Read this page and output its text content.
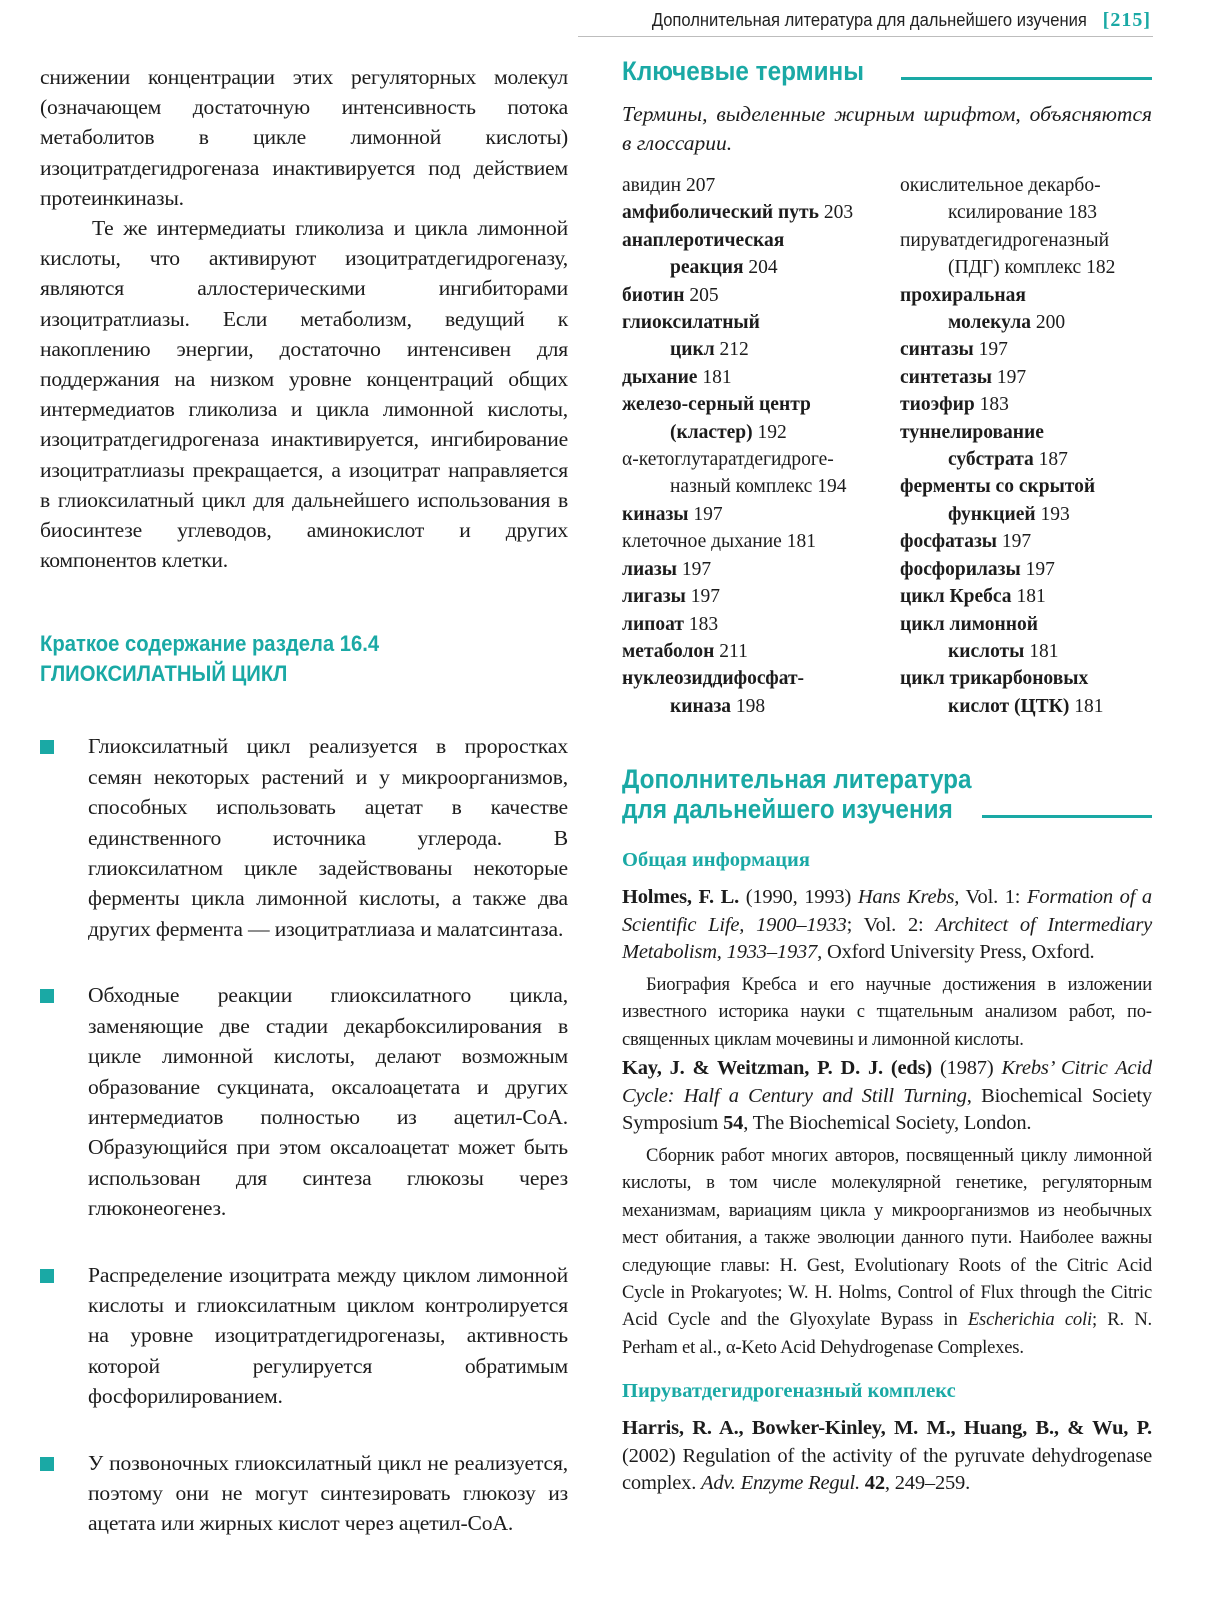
Дополнительная литература для дальнейшего изучения [215]

снижении концентрации этих регуляторных молекул (означающем достаточную интенсивность потока метаболитов в цикле лимонной кислоты) изоцитратдегидрогеназа инактивируется под действием протеинкиназы.

Те же интермедиаты гликолиза и цикла лимонной кислоты, что активируют изоцитратдегидрогеназу, являются аллостерическими ингибиторами изоцитратлиазы. Если метаболизм, ведущий к накоплению энергии, достаточно интенсивен для поддержания на низком уровне концентраций общих интермедиатов гликолиза и цикла лимонной кислоты, изоцитратдегидрогеназа инактивируется, ингибирование изоцитратлиазы прекращается, а изоцитрат направляется в глиоксилатный цикл для дальнейшего использования в биосинтезе углеводов, аминокислот и других компонентов клетки.

Краткое содержание раздела 16.4
ГЛИОКСИЛАТНЫЙ ЦИКЛ
Глиоксилатный цикл реализуется в проростках семян некоторых растений и у микроорганизмов, способных использовать ацетат в качестве единственного источника углерода. В глиоксилатном цикле задействованы некоторые ферменты цикла лимонной кислоты, а также два других фермента — изоцитратлиаза и малатсинтаза.
Обходные реакции глиоксилатного цикла, заменяющие две стадии декарбоксилирования в цикле лимонной кислоты, делают возможным образование сукцината, оксалоацетата и других интермедиатов полностью из ацетил-СоА. Образующийся при этом оксалоацетат может быть использован для синтеза глюкозы через глюконеогенез.
Распределение изоцитрата между циклом лимонной кислоты и глиоксилатным циклом контролируется на уровне изоцитратдегидрогеназы, активность которой регулируется обратимым фосфорилированием.
У позвоночных глиоксилатный цикл не реализуется, поэтому они не могут синтезировать глюкозу из ацетата или жирных кислот через ацетил-СоА.
Ключевые термины

Термины, выделенные жирным шрифтом, объясняются в глоссарии.

авидин 207
амфиболический путь 203
анаплеротическая
реакция 204
биотин 205
глиоксилатный
цикл 212
дыхание 181
железо-серный центр
(кластер) 192
α-кетоглутаратдегидроге-
назный комплекс 194
киназы 197
клеточное дыхание 181
лиазы 197
лигазы 197
липоат 183
метаболон 211
нуклеозиддифосфат-
киназа 198
окислительное декарбо-
ксилирование 183
пируватдегидрогеназный
(ПДГ) комплекс 182
прохиральная
молекула 200
синтазы 197
синтетазы 197
тиоэфир 183
туннелирование
субстрата 187
ферменты со скрытой
функцией 193
фосфатазы 197
фосфорилазы 197
цикл Кребса 181
цикл лимонной
кислоты 181
цикл трикарбоновых
кислот (ЦТК) 181
Дополнительная литература
для дальнейшего изучения
Общая информация

Holmes, F. L. (1990, 1993) Hans Krebs, Vol. 1: Formation of a Scientific Life, 1900–1933; Vol. 2: Architect of Intermediary Metabolism, 1933–1937, Oxford University Press, Oxford.

Биография Кребса и его научные достижения в изложении известного историка науки с тщательным анализом работ, посвященных циклам мочевины и лимонной кислоты.

Kay, J. & Weitzman, P. D. J. (eds) (1987) Krebs’ Citric Acid Cycle: Half a Century and Still Turning, Biochemical Society Symposium 54, The Biochemical Society, London.

Сборник работ многих авторов, посвященный циклу лимонной кислоты, в том числе молекулярной генетике, регуляторным механизмам, вариациям цикла у микроорганизмов из необычных мест обитания, а также эволюции данного пути. Наиболее важны следующие главы: H. Gest, Evolutionary Roots of the Citric Acid Cycle in Prokaryotes; W. H. Holms, Control of Flux through the Citric Acid Cycle and the Glyoxylate Bypass in Escherichia coli; R. N. Perham et al., α-Keto Acid Dehydrogenase Complexes.

Пируватдегидрогеназный комплекс

Harris, R. A., Bowker-Kinley, M. M., Huang, B., & Wu, P. (2002) Regulation of the activity of the pyruvate dehydrogenase complex. Adv. Enzyme Regul. 42, 249–259.
